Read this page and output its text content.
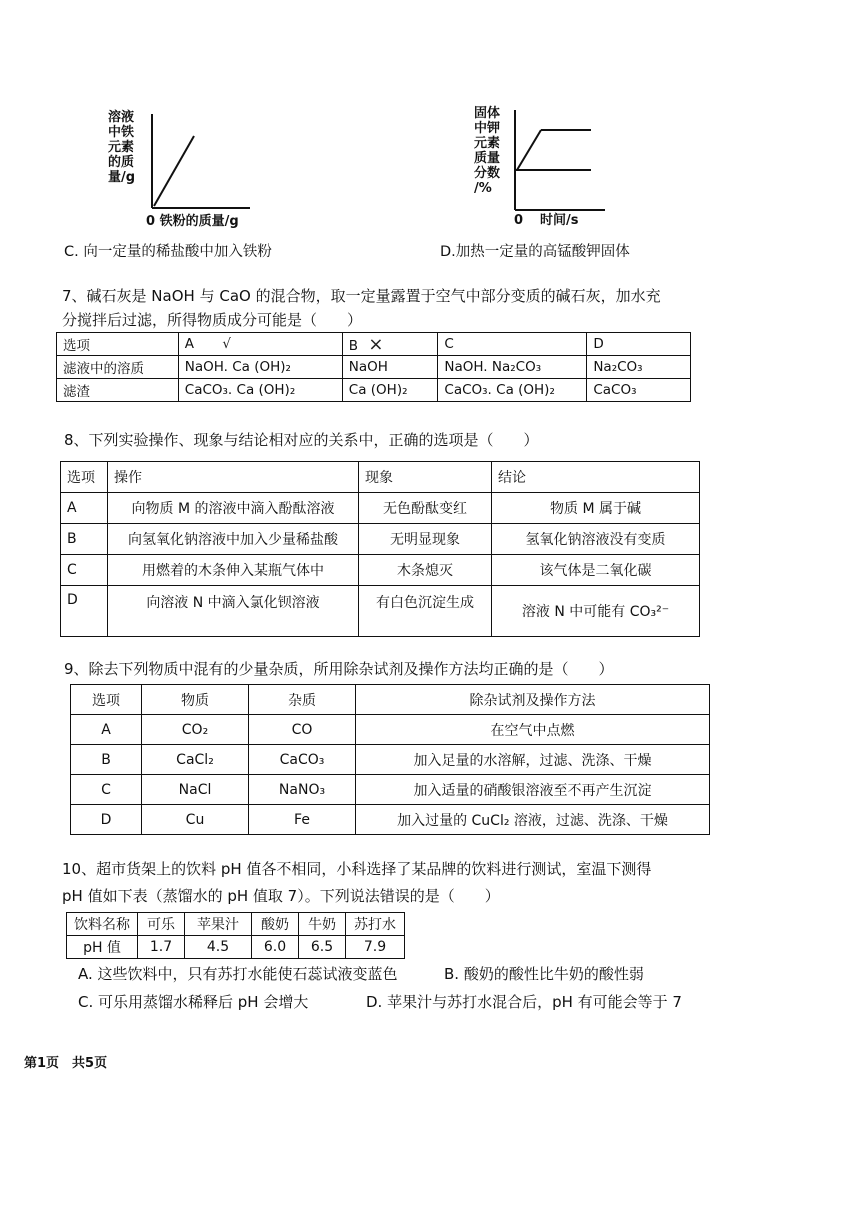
溶液
中铁
元素
的质
量/g
0 铁粉的质量/g
C. 向一定量的稀盐酸中加入铁粉
固体
中钾
元素
质量
分数
/%
0 时间/s
D.加热一定量的高锰酸钾固体
7、碱石灰是 NaOH 与 CaO 的混合物，取一定量露置于空气中部分变质的碱石灰，加水充
分搅拌后过滤，所得物质成分可能是（　　）
选项	A √	B ×	C	D
滤液中的溶质	NaOH. Ca (OH)₂	NaOH	NaOH. Na₂CO₃	Na₂CO₃
滤渣	CaCO₃. Ca (OH)₂	Ca (OH)₂	CaCO₃. Ca (OH)₂	CaCO₃
8、下列实验操作、现象与结论相对应的关系中，正确的选项是（　　）
选项	操作	现象	结论
A	向物质 M 的溶液中滴入酚酞溶液	无色酚酞变红	物质 M 属于碱
B	向氢氧化钠溶液中加入少量稀盐酸	无明显现象	氢氧化钠溶液没有变质
C	用燃着的木条伸入某瓶气体中	木条熄灭	该气体是二氧化碳
D	向溶液 N 中滴入氯化钡溶液	有白色沉淀生成	溶液 N 中可能有 CO₃²⁻
9、除去下列物质中混有的少量杂质，所用除杂试剂及操作方法均正确的是（　　）
选项	物质	杂质	除杂试剂及操作方法
A	CO₂	CO	在空气中点燃
B	CaCl₂	CaCO₃	加入足量的水溶解，过滤、洗涤、干燥
C	NaCl	NaNO₃	加入适量的硝酸银溶液至不再产生沉淀
D	Cu	Fe	加入过量的 CuCl₂ 溶液，过滤、洗涤、干燥
10、超市货架上的饮料 pH 值各不相同，小科选择了某品牌的饮料进行测试，室温下测得
pH 值如下表（蒸馏水的 pH 值取 7）。下列说法错误的是（　　）
饮料名称	可乐	苹果汁	酸奶	牛奶	苏打水
pH 值	1.7	4.5	6.0	6.5	7.9
A. 这些饮料中，只有苏打水能使石蕊试液变蓝色	B. 酸奶的酸性比牛奶的酸性弱
C. 可乐用蒸馏水稀释后 pH 会增大	D. 苹果汁与苏打水混合后，pH 有可能会等于 7
第1页　共5页
